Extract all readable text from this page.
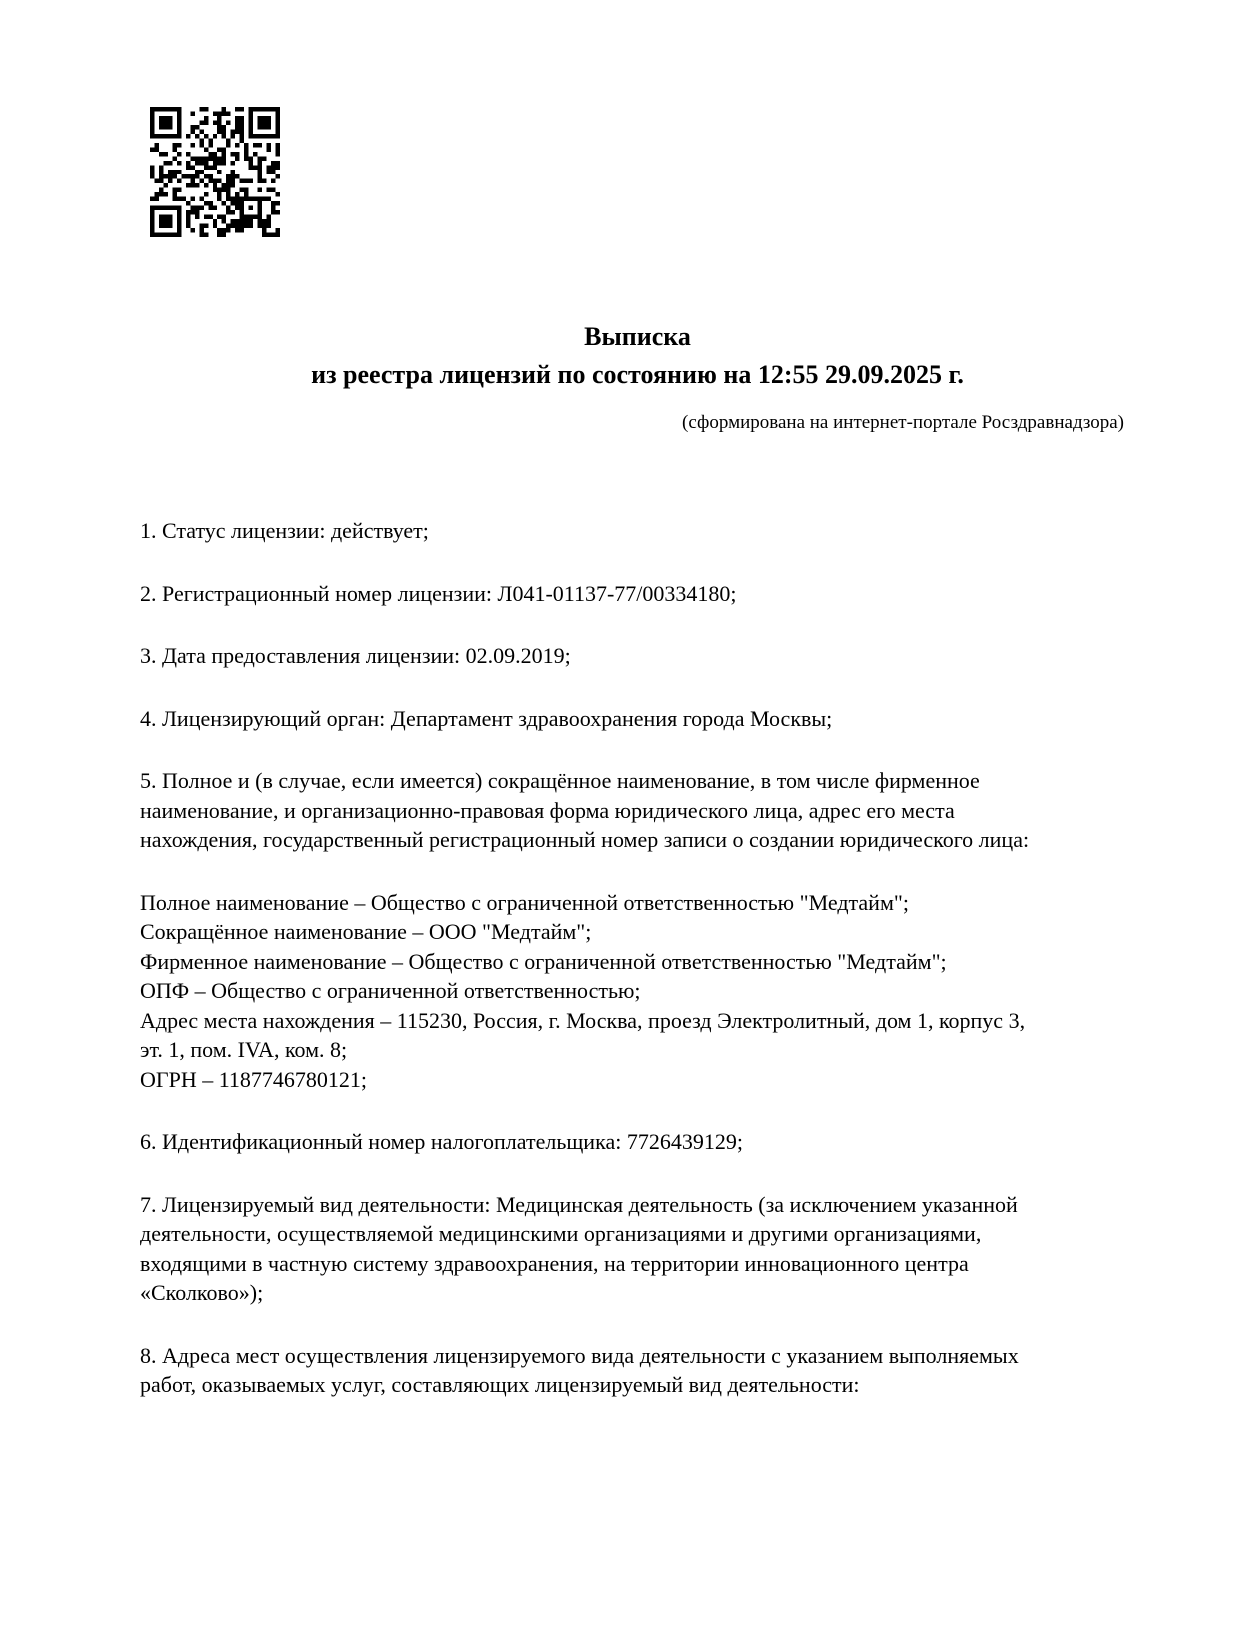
Выписка
из реестра лицензий по состоянию на 12:55 29.09.2025 г.
(сформирована на интернет-портале Росздравнадзора)

1. Статус лицензии: действует;

2. Регистрационный номер лицензии: Л041-01137-77/00334180;

3. Дата предоставления лицензии: 02.09.2019;

4. Лицензирующий орган: Департамент здравоохранения города Москвы;

5. Полное и (в случае, если имеется) сокращённое наименование, в том числе фирменное
наименование, и организационно-правовая форма юридического лица, адрес его места
нахождения, государственный регистрационный номер записи о создании юридического лица:

Полное наименование – Общество с ограниченной ответственностью "Медтайм";
Сокращённое наименование – ООО "Медтайм";
Фирменное наименование – Общество с ограниченной ответственностью "Медтайм";
ОПФ – Общество с ограниченной ответственностью;
Адрес места нахождения – 115230, Россия, г. Москва, проезд Электролитный, дом 1, корпус 3,
эт. 1, пом. IVA, ком. 8;
ОГРН – 1187746780121;

6. Идентификационный номер налогоплательщика: 7726439129;

7. Лицензируемый вид деятельности: Медицинская деятельность (за исключением указанной
деятельности, осуществляемой медицинскими организациями и другими организациями,
входящими в частную систему здравоохранения, на территории инновационного центра
«Сколково»);

8. Адреса мест осуществления лицензируемого вида деятельности с указанием выполняемых
работ, оказываемых услуг, составляющих лицензируемый вид деятельности:
